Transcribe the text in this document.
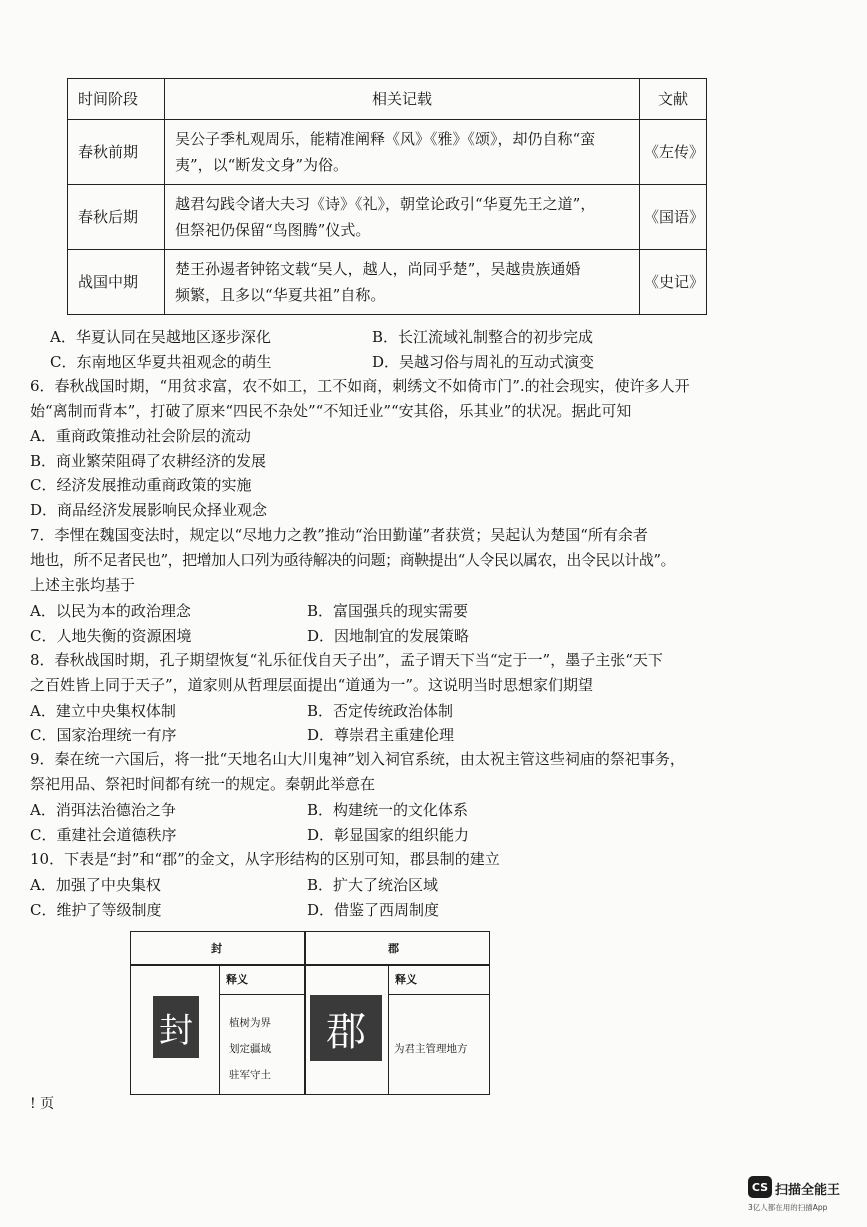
时间阶段	相关记载	文献
春秋前期	吴公子季札观周乐，能精准阐释《风》《雅》《颂》，却仍自称“蛮
夷”，以“断发文身”为俗。	《左传》
春秋后期	越君勾践令诸大夫习《诗》《礼》，朝堂论政引“华夏先王之道”，
但祭祀仍保留“鸟图腾”仪式。	《国语》
战国中期	楚王孙逷者钟铭文载“吴人，越人，尚同乎楚”，吴越贵族通婚
频繁，且多以“华夏共祖”自称。	《史记》
A．华夏认同在吴越地区逐步深化	B．长江流域礼制整合的初步完成
C．东南地区华夏共祖观念的萌生	D．吴越习俗与周礼的互动式演变
6．春秋战国时期，“用贫求富，农不如工，工不如商，刺绣文不如倚市门”.的社会现实，使许多人开
始“离制而背本”，打破了原来“四民不杂处”“不知迁业”“安其俗，乐其业”的状况。据此可知
A．重商政策推动社会阶层的流动
B．商业繁荣阻碍了农耕经济的发展
C．经济发展推动重商政策的实施
D．商品经济发展影响民众择业观念
7．李悝在魏国变法时，规定以“尽地力之教”推动“治田勤谨”者获赏；吴起认为楚国“所有余者
地也，所不足者民也”，把增加人口列为亟待解决的问题；商鞅提出“人令民以属农，出令民以计战”。
上述主张均基于
A．以民为本的政治理念	B．富国强兵的现实需要
C．人地失衡的资源困境	D．因地制宜的发展策略
8．春秋战国时期，孔子期望恢复“礼乐征伐自天子出”，孟子谓天下当“定于一”，墨子主张“天下
之百姓皆上同于天子”，道家则从哲理层面提出“道通为一”。这说明当时思想家们期望
A．建立中央集权体制	B．否定传统政治体制
C．国家治理统一有序	D．尊崇君主重建伦理
9．秦在统一六国后，将一批“天地名山大川鬼神”划入祠官系统，由太祝主管这些祠庙的祭祀事务，
祭祀用品、祭祀时间都有统一的规定。秦朝此举意在
A．消弭法治德治之争	B．构建统一的文化体系
C．重建社会道德秩序	D．彰显国家的组织能力
10．下表是“封”和“郡”的金文，从字形结构的区别可知，郡县制的建立
A．加强了中央集权	B．扩大了统治区域
C．维护了等级制度	D．借鉴了西周制度
封	郡
封
释义
植树为界
划定疆域
驻军守土
郡
释义
为君主管理地方
! 页
CS 扫描全能王
3亿人都在用的扫描App
